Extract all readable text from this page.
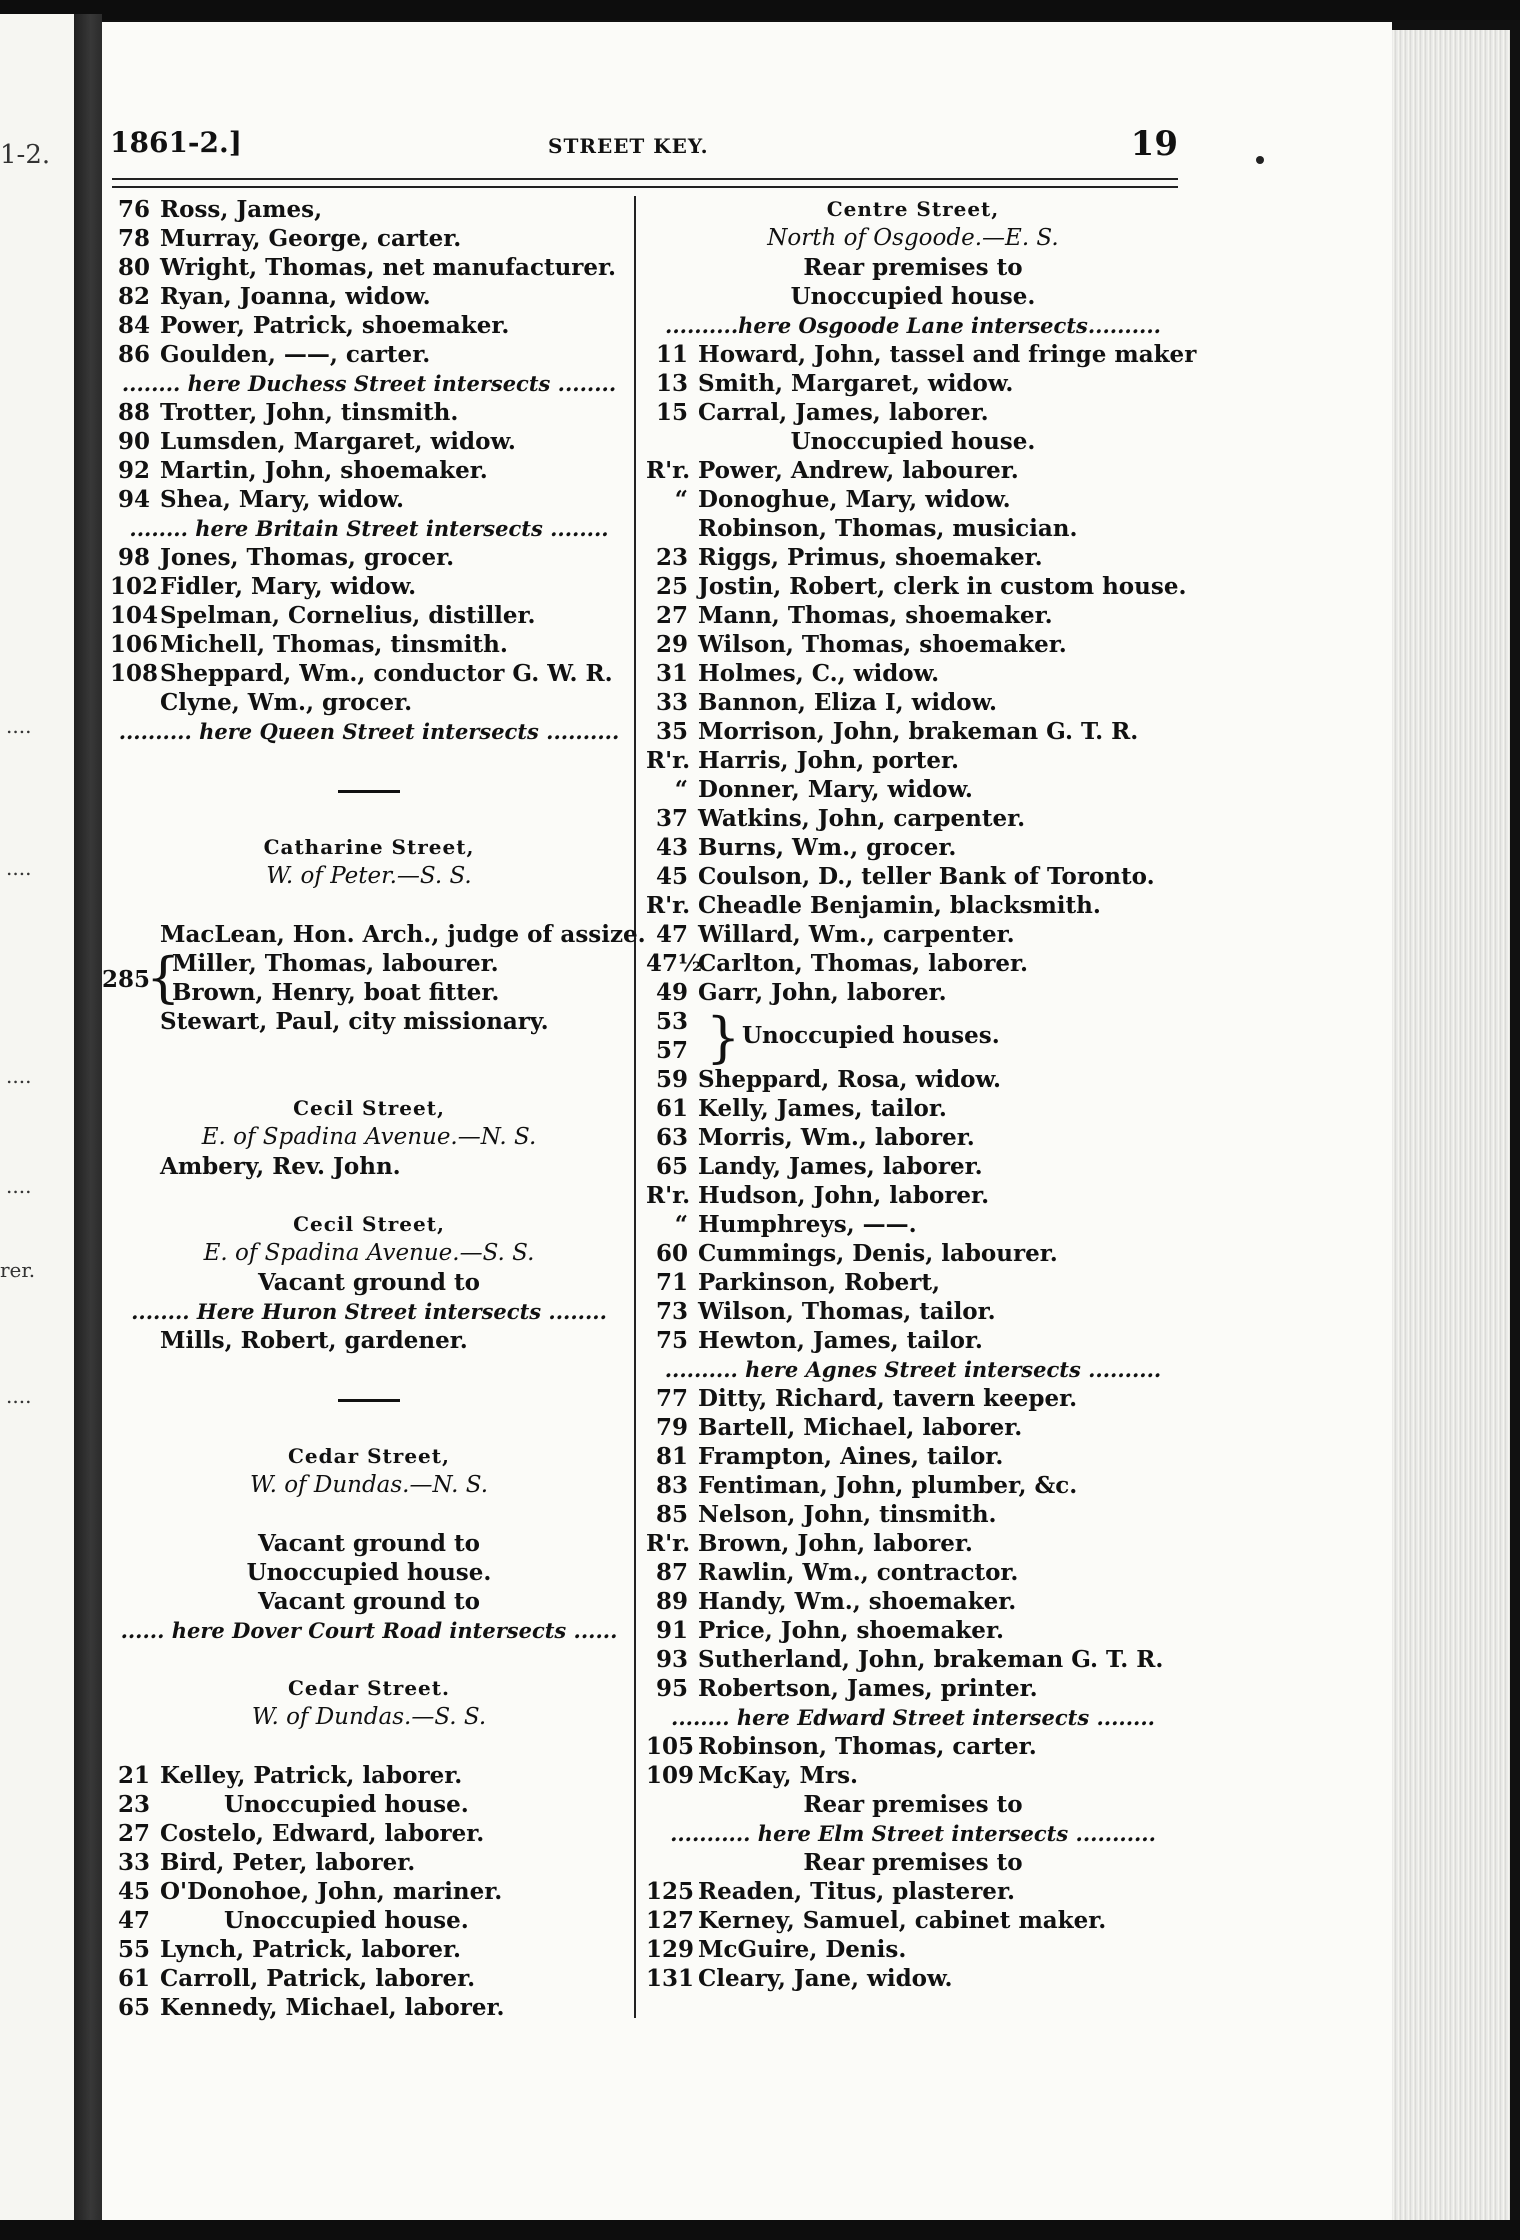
1-2.
....
....
....
....
rer.
....
1861-2.]	STREET KEY.	19
76 Ross, James,
78 Murray, George, carter.
80 Wright, Thomas, net manufacturer.
82 Ryan, Joanna, widow.
84 Power, Patrick, shoemaker.
86 Goulden, ——, carter.
........ here Duchess Street intersects ........
88 Trotter, John, tinsmith.
90 Lumsden, Margaret, widow.
92 Martin, John, shoemaker.
94 Shea, Mary, widow.
........ here Britain Street intersects ........
98 Jones, Thomas, grocer.
102Fidler, Mary, widow.
104Spelman, Cornelius, distiller.
106Michell, Thomas, tinsmith.
108Sheppard, Wm., conductor G. W. R.
Clyne, Wm., grocer.
.......... here Queen Street intersects ..........
Catharine Street,
W. of Peter.—S. S.
MacLean, Hon. Arch., judge of assize.
285
{
Miller, Thomas, labourer.
Brown, Henry, boat fitter.
Stewart, Paul, city missionary.
Cecil Street,
E. of Spadina Avenue.—N. S.
Ambery, Rev. John.
Cecil Street,
E. of Spadina Avenue.—S. S.
Vacant ground to
........ Here Huron Street intersects ........
Mills, Robert, gardener.
Cedar Street,
W. of Dundas.—N. S.
Vacant ground to
Unoccupied house.
Vacant ground to
...... here Dover Court Road intersects ......
Cedar Street.
W. of Dundas.—S. S.
21 Kelley, Patrick, laborer.
23	Unoccupied house.
27 Costelo, Edward, laborer.
33 Bird, Peter, laborer.
45 O'Donohoe, John, mariner.
47	Unoccupied house.
55 Lynch, Patrick, laborer.
61 Carroll, Patrick, laborer.
65 Kennedy, Michael, laborer.
Centre Street,
North of Osgoode.—E. S.
Rear premises to
Unoccupied house.
..........here Osgoode Lane intersects..........
11 Howard, John, tassel and fringe maker
13 Smith, Margaret, widow.
15 Carral, James, laborer.
Unoccupied house.
R'r. Power, Andrew, labourer.
“ Donoghue, Mary, widow.
Robinson, Thomas, musician.
23 Riggs, Primus, shoemaker.
25 Jostin, Robert, clerk in custom house.
27 Mann, Thomas, shoemaker.
29 Wilson, Thomas, shoemaker.
31 Holmes, C., widow.
33 Bannon, Eliza I, widow.
35 Morrison, John, brakeman G. T. R.
R'r. Harris, John, porter.
“ Donner, Mary, widow.
37 Watkins, John, carpenter.
43 Burns, Wm., grocer.
45 Coulson, D., teller Bank of Toronto.
R'r. Cheadle Benjamin, blacksmith.
47 Willard, Wm., carpenter.
47½Carlton, Thomas, laborer.
49 Garr, John, laborer.
53 } Unoccupied houses.
57
59 Sheppard, Rosa, widow.
61 Kelly, James, tailor.
63 Morris, Wm., laborer.
65 Landy, James, laborer.
R'r. Hudson, John, laborer.
“ Humphreys, ——.
60 Cummings, Denis, labourer.
71 Parkinson, Robert,
73 Wilson, Thomas, tailor.
75 Hewton, James, tailor.
.......... here Agnes Street intersects ..........
77 Ditty, Richard, tavern keeper.
79 Bartell, Michael, laborer.
81 Frampton, Aines, tailor.
83 Fentiman, John, plumber, &c.
85 Nelson, John, tinsmith.
R'r. Brown, John, laborer.
87 Rawlin, Wm., contractor.
89 Handy, Wm., shoemaker.
91 Price, John, shoemaker.
93 Sutherland, John, brakeman G. T. R.
95 Robertson, James, printer.
........ here Edward Street intersects ........
105 Robinson, Thomas, carter.
109 McKay, Mrs.
Rear premises to
........... here Elm Street intersects ...........
Rear premises to
125 Readen, Titus, plasterer.
127 Kerney, Samuel, cabinet maker.
129 McGuire, Denis.
131 Cleary, Jane, widow.
